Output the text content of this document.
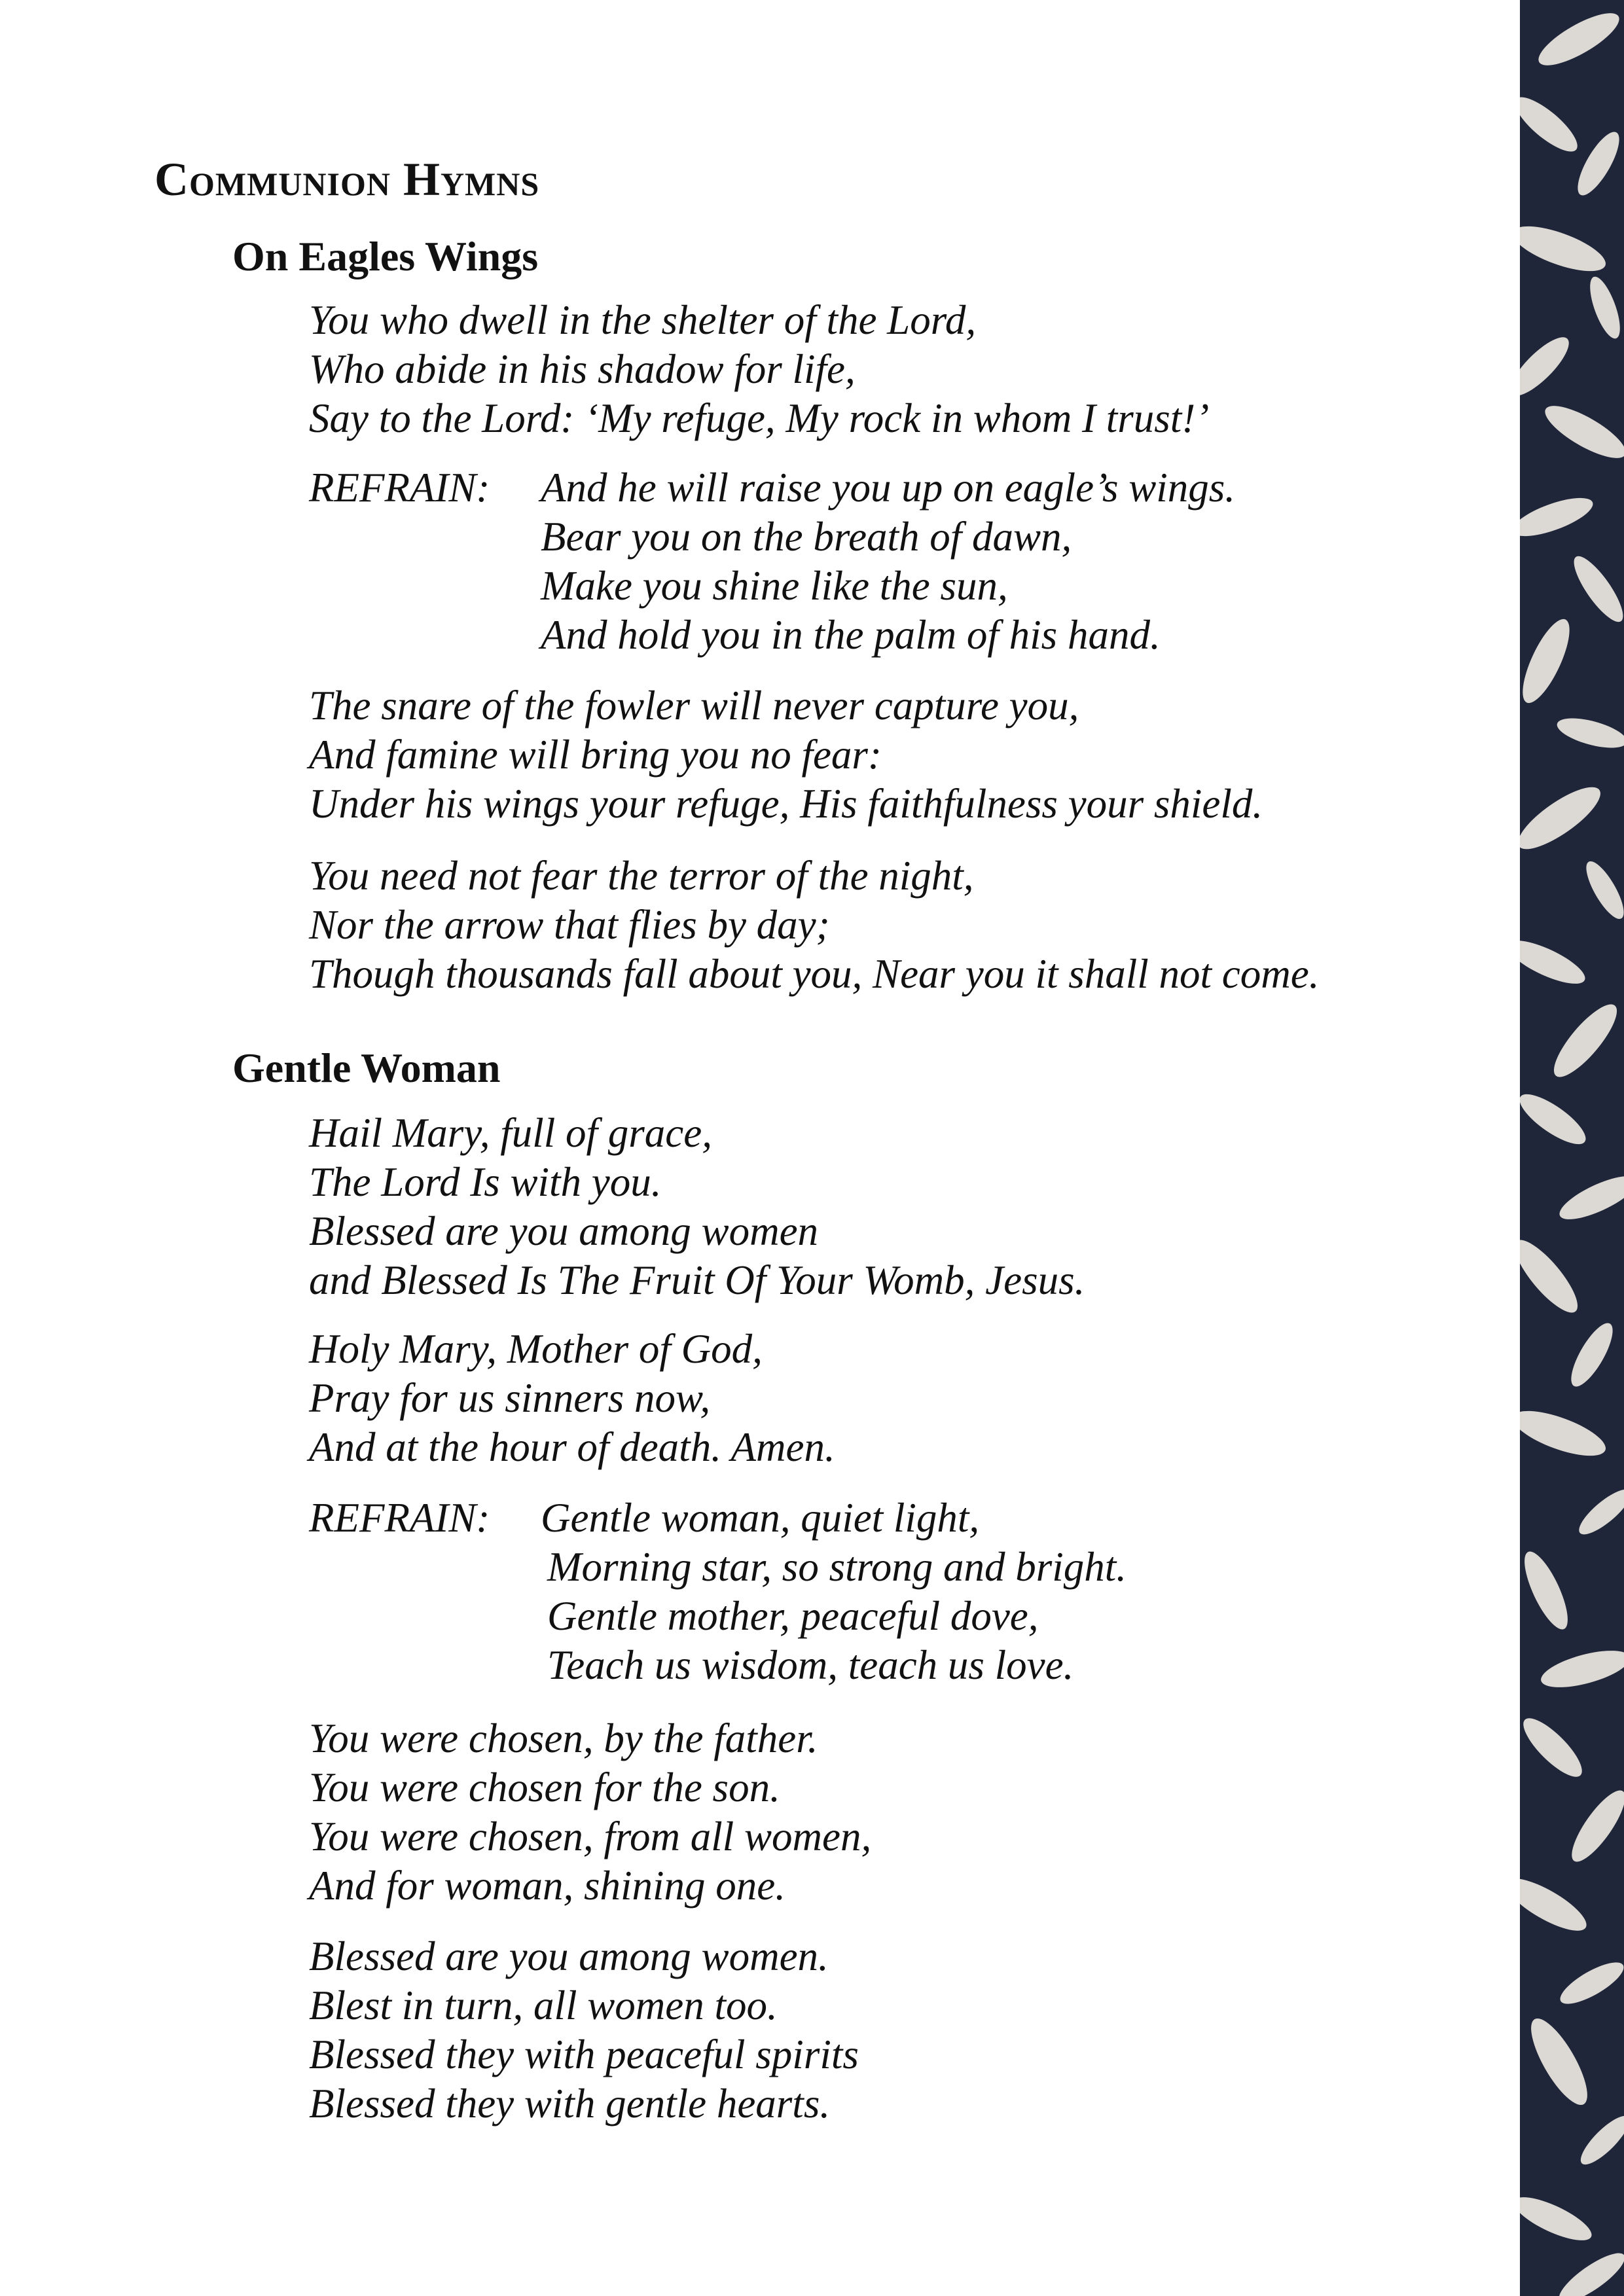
Communion Hymns
On Eagles Wings
You who dwell in the shelter of the Lord,
Who abide in his shadow for life,
Say to the Lord: ‘My refuge, My rock in whom I trust!’
REFRAIN: And he will raise you up on eagle’s wings.
Bear you on the breath of dawn,
Make you shine like the sun,
And hold you in the palm of his hand.
The snare of the fowler will never capture you,
And famine will bring you no fear:
Under his wings your refuge, His faithfulness your shield.
You need not fear the terror of the night,
Nor the arrow that flies by day;
Though thousands fall about you, Near you it shall not come.
Gentle Woman
Hail Mary, full of grace,
The Lord Is with you.
Blessed are you among women
and Blessed Is The Fruit Of Your Womb, Jesus.
Holy Mary, Mother of God,
Pray for us sinners now,
And at the hour of death. Amen.
REFRAIN: Gentle woman, quiet light,
Morning star, so strong and bright.
Gentle mother, peaceful dove,
Teach us wisdom, teach us love.
You were chosen, by the father.
You were chosen for the son.
You were chosen, from all women,
And for woman, shining one.
Blessed are you among women.
Blest in turn, all women too.
Blessed they with peaceful spirits
Blessed they with gentle hearts.
